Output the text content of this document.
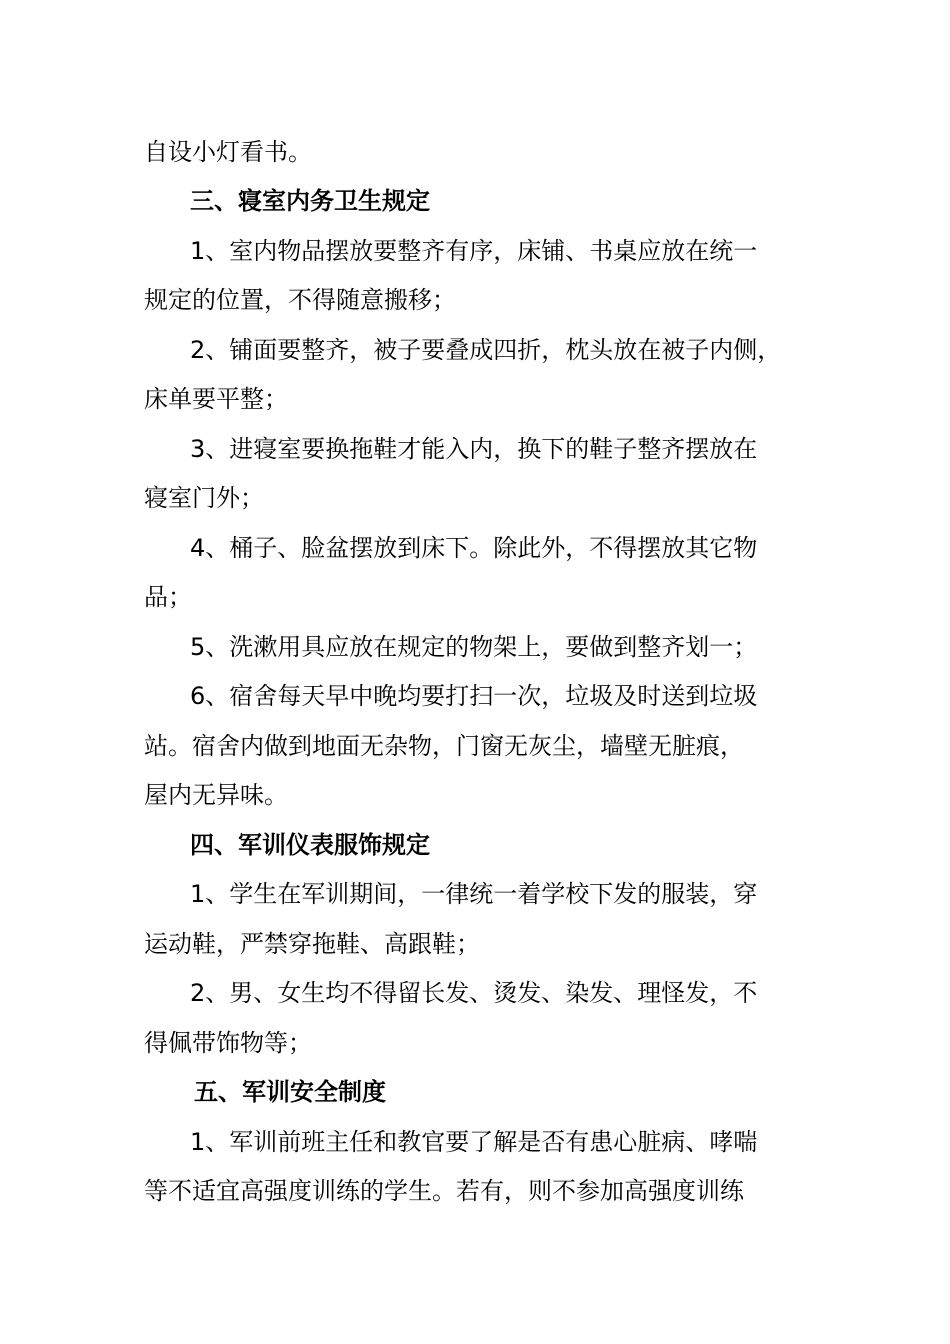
自设小灯看书。
三、寝室内务卫生规定
1、室内物品摆放要整齐有序，床铺、书桌应放在统一
规定的位置，不得随意搬移；
2、铺面要整齐，被子要叠成四折，枕头放在被子内侧，
床单要平整；
3、进寝室要换拖鞋才能入内，换下的鞋子整齐摆放在
寝室门外；
4、桶子、脸盆摆放到床下。除此外，不得摆放其它物
品；
5、洗漱用具应放在规定的物架上，要做到整齐划一；
6、宿舍每天早中晚均要打扫一次，垃圾及时送到垃圾
站。宿舍内做到地面无杂物，门窗无灰尘，墙壁无脏痕，
屋内无异味。
四、军训仪表服饰规定
1、学生在军训期间，一律统一着学校下发的服装，穿
运动鞋，严禁穿拖鞋、高跟鞋；
2、男、女生均不得留长发、烫发、染发、理怪发，不
得佩带饰物等；
五、军训安全制度
1、军训前班主任和教官要了解是否有患心脏病、哮喘
等不适宜高强度训练的学生。若有，则不参加高强度训练
